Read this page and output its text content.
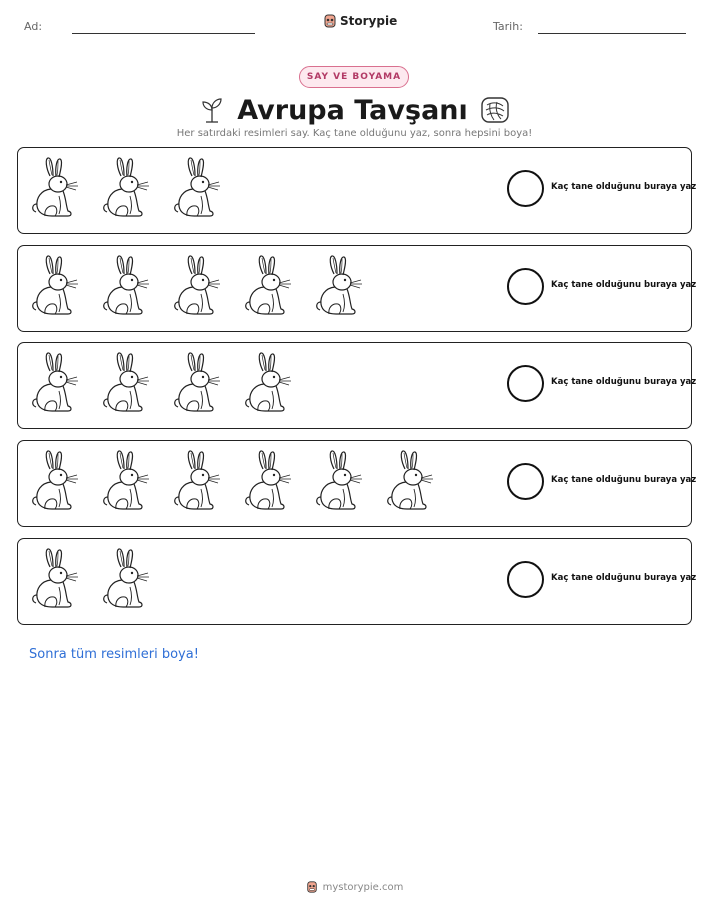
Ad:	Storypie	Tarih:
SAY VE BOYAMA
Avrupa Tavşanı
Her satırdaki resimleri say. Kaç tane olduğunu yaz, sonra hepsini boya!
Kaç tane olduğunu buraya yaz
Kaç tane olduğunu buraya yaz
Kaç tane olduğunu buraya yaz
Kaç tane olduğunu buraya yaz
Kaç tane olduğunu buraya yaz
Sonra tüm resimleri boya!
mystorypie.com
